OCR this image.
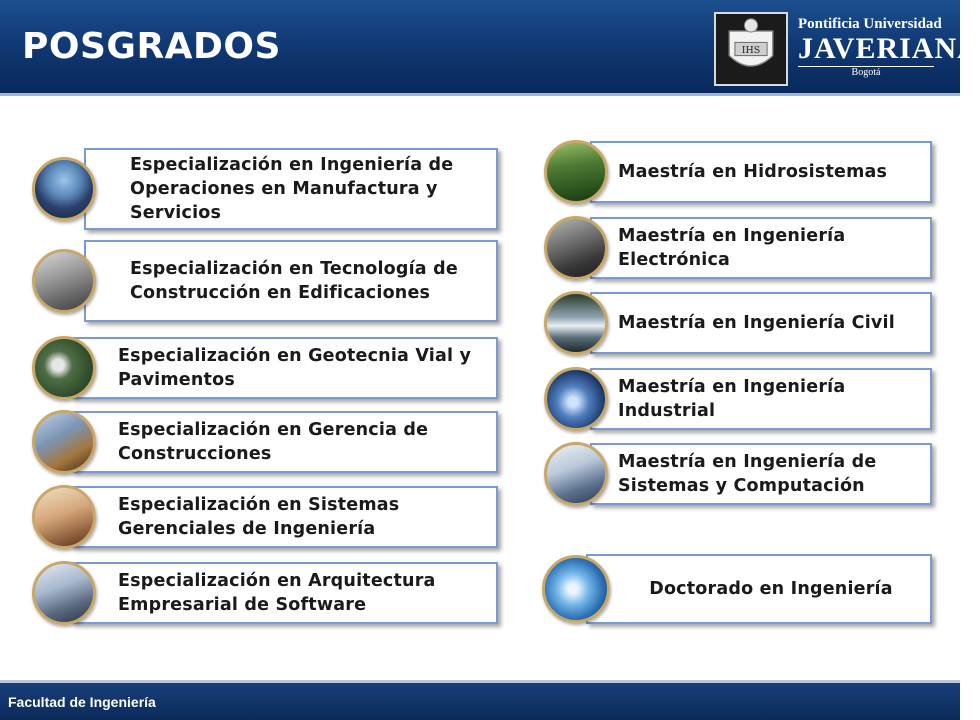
POSGRADOS	IHS
Pontificia Universidad
JAVERIANA
Bogotá
Especialización en Ingeniería de Operaciones en Manufactura y Servicios
Especialización en Tecnología de Construcción en Edificaciones
Especialización en Geotecnia Vial y Pavimentos
Especialización en Gerencia de Construcciones
Especialización en Sistemas Gerenciales de Ingeniería
Especialización en Arquitectura Empresarial de Software
Maestría en Hidrosistemas
Maestría en Ingeniería Electrónica
Maestría en Ingeniería Civil
Maestría en Ingeniería Industrial
Maestría en Ingeniería de Sistemas y Computación
Doctorado en Ingeniería
Facultad de Ingeniería
